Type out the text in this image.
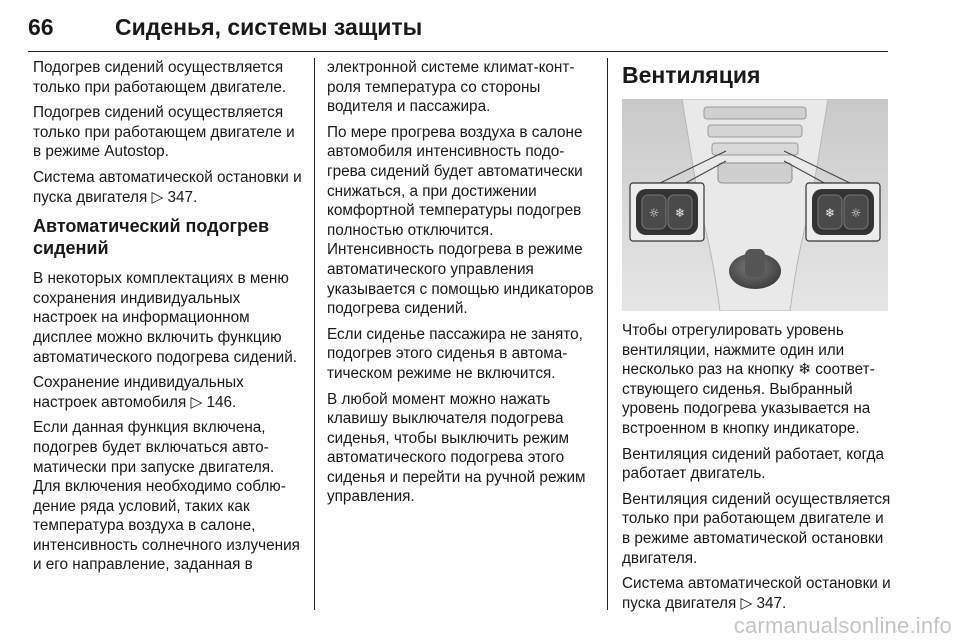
66	Сиденья, системы защиты

Подогрев сидений осуществляется только при работающем двигателе.

Подогрев сидений осуществляется только при работающем двигателе и в режиме Autostop.

Система автоматической остановки и пуска двигателя ▷ 347.

Автоматический подогрев сидений

В некоторых комплектациях в меню сохранения индивидуальных настроек на информационном дисплее можно включить функцию автоматического подогрева сидений.

Сохранение индивидуальных настроек автомобиля ▷ 146.

Если данная функция включена, подогрев будет включаться автоматически при запуске двигателя. Для включения необходимо соблюдение ряда условий, таких как температура воздуха в салоне, интенсивность солнечного излучения и его направление, заданная в

электронной системе климат-контроля температура со стороны водителя и пассажира.

По мере прогрева воздуха в салоне автомобиля интенсивность подогрева сидений будет автоматически снижаться, а при достижении комфортной температуры подогрев полностью отключится. Интенсивность подогрева в режиме автоматического управления указывается с помощью индикаторов подогрева сидений.

Если сиденье пассажира не занято, подогрев этого сиденья в автоматическом режиме не включится.

В любой момент можно нажать клавишу выключателя подогрева сиденья, чтобы выключить режим автоматического подогрева этого сиденья и перейти на ручной режим управления.

Вентиляция
☼ ❄	❄ ☼

Чтобы отрегулировать уровень вентиляции, нажмите один или несколько раз на кнопку ❄ соответствующего сиденья. Выбранный уровень подогрева указывается на встроенном в кнопку индикаторе.

Вентиляция сидений работает, когда работает двигатель.

Вентиляция сидений осуществляется только при работающем двигателе и в режиме автоматической остановки двигателя.

Система автоматической остановки и пуска двигателя ▷ 347.

carmanualsonline.info
